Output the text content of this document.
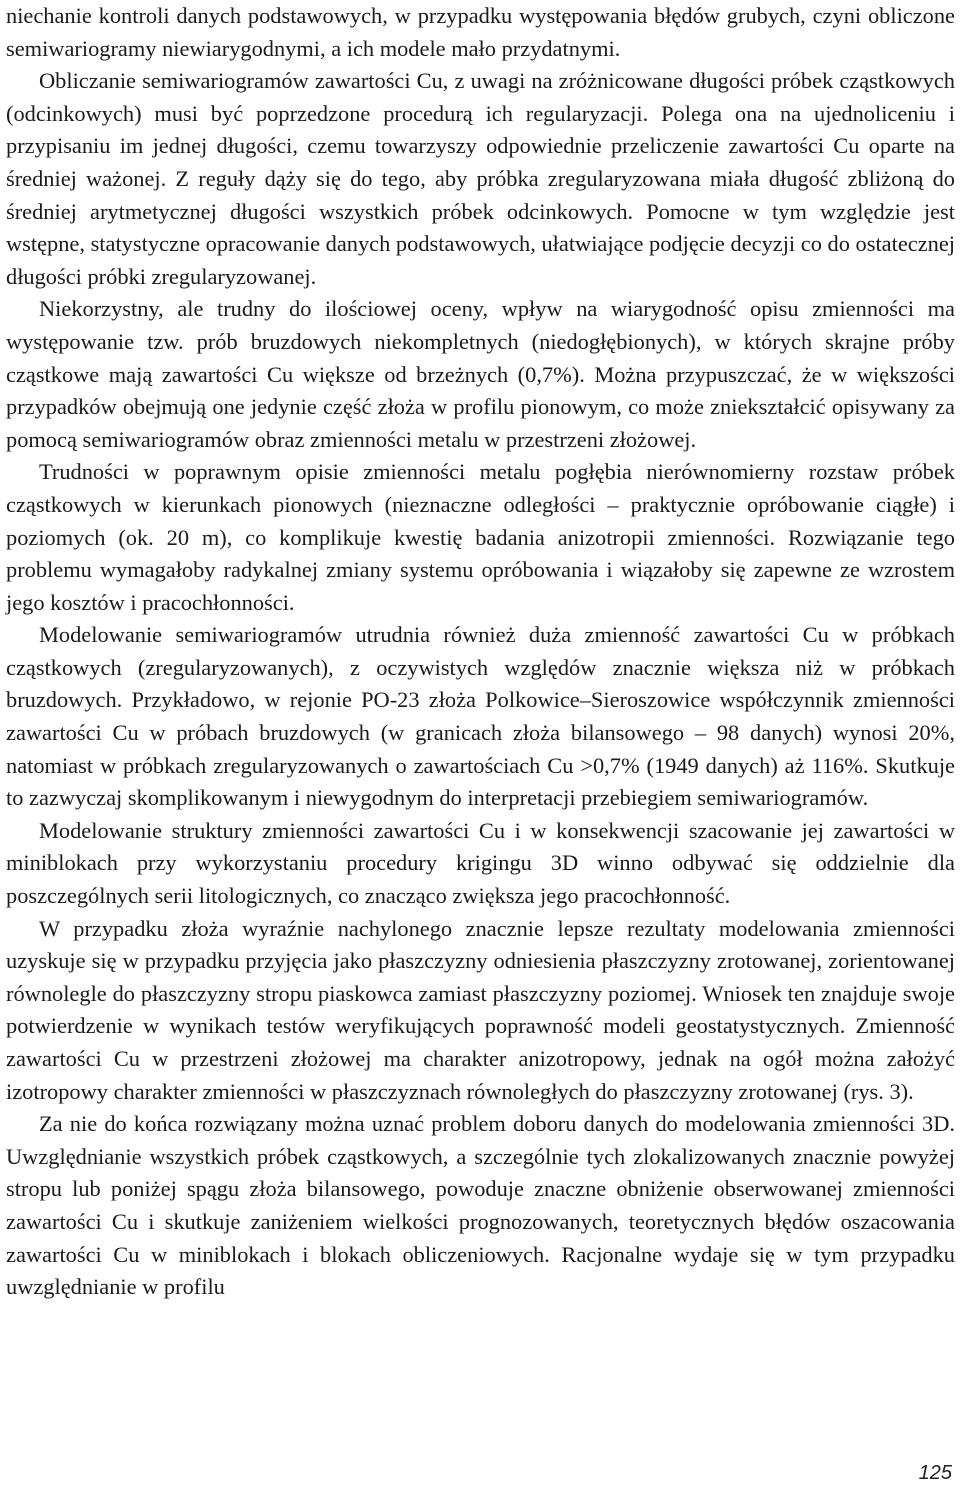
niechanie kontroli danych podstawowych, w przypadku występowania błędów grubych, czyni obliczone semiwariogramy niewiarygodnymi, a ich modele mało przydatnymi.

Obliczanie semiwariogramów zawartości Cu, z uwagi na zróżnicowane długości próbek cząstkowych (odcinkowych) musi być poprzedzone procedurą ich regularyzacji. Polega ona na ujednoliceniu i przypisaniu im jednej długości, czemu towarzyszy odpowiednie przeliczenie zawartości Cu oparte na średniej ważonej. Z reguły dąży się do tego, aby próbka zregularyzowana miała długość zbliżoną do średniej arytmetycznej długości wszystkich próbek odcinkowych. Pomocne w tym względzie jest wstępne, statystyczne opracowanie danych podstawowych, ułatwiające podjęcie decyzji co do ostatecznej długości próbki zregularyzowanej.

Niekorzystny, ale trudny do ilościowej oceny, wpływ na wiarygodność opisu zmienności ma występowanie tzw. prób bruzdowych niekompletnych (niedogłębionych), w których skrajne próby cząstkowe mają zawartości Cu większe od brzeżnych (0,7%). Można przypuszczać, że w większości przypadków obejmują one jedynie część złoża w profilu pionowym, co może zniekształcić opisywany za pomocą semiwariogramów obraz zmienności metalu w przestrzeni złożowej.

Trudności w poprawnym opisie zmienności metalu pogłębia nierównomierny rozstaw próbek cząstkowych w kierunkach pionowych (nieznaczne odległości – praktycznie opróbowanie ciągłe) i poziomych (ok. 20 m), co komplikuje kwestię badania anizotropii zmienności. Rozwiązanie tego problemu wymagałoby radykalnej zmiany systemu opróbowania i wiązałoby się zapewne ze wzrostem jego kosztów i pracochłonności.

Modelowanie semiwariogramów utrudnia również duża zmienność zawartości Cu w próbkach cząstkowych (zregularyzowanych), z oczywistych względów znacznie większa niż w próbkach bruzdowych. Przykładowo, w rejonie PO-23 złoża Polkowice–Sieroszowice współczynnik zmienności zawartości Cu w próbach bruzdowych (w granicach złoża bilansowego – 98 danych) wynosi 20%, natomiast w próbkach zregularyzowanych o zawartościach Cu >0,7% (1949 danych) aż 116%. Skutkuje to zazwyczaj skomplikowanym i niewygodnym do interpretacji przebiegiem semiwariogramów.

Modelowanie struktury zmienności zawartości Cu i w konsekwencji szacowanie jej zawartości w miniblokach przy wykorzystaniu procedury krigingu 3D winno odbywać się oddzielnie dla poszczególnych serii litologicznych, co znacząco zwiększa jego pracochłonność.

W przypadku złoża wyraźnie nachylonego znacznie lepsze rezultaty modelowania zmienności uzyskuje się w przypadku przyjęcia jako płaszczyzny odniesienia płaszczyzny zrotowanej, zorientowanej równolegle do płaszczyzny stropu piaskowca zamiast płaszczyzny poziomej. Wniosek ten znajduje swoje potwierdzenie w wynikach testów weryfikujących poprawność modeli geostatystycznych. Zmienność zawartości Cu w przestrzeni złożowej ma charakter anizotropowy, jednak na ogół można założyć izotropowy charakter zmienności w płaszczyznach równoległych do płaszczyzny zrotowanej (rys. 3).

Za nie do końca rozwiązany można uznać problem doboru danych do modelowania zmienności 3D. Uwzględnianie wszystkich próbek cząstkowych, a szczególnie tych zlokalizowanych znacznie powyżej stropu lub poniżej spągu złoża bilansowego, powoduje znaczne obniżenie obserwowanej zmienności zawartości Cu i skutkuje zaniżeniem wielkości prognozowanych, teoretycznych błędów oszacowania zawartości Cu w miniblokach i blokach obliczeniowych. Racjonalne wydaje się w tym przypadku uwzględnianie w profilu

125
